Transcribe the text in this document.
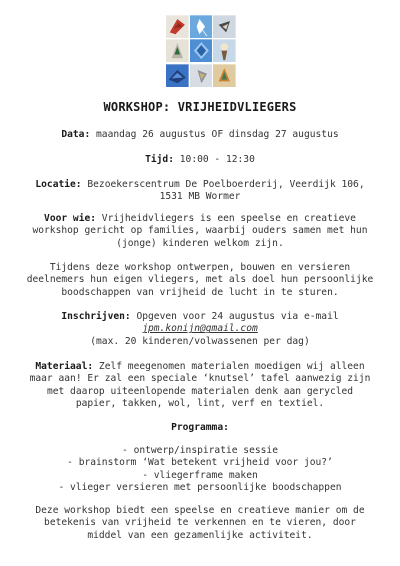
WORKSHOP: VRIJHEIDVLIEGERS
Data: maandag 26 augustus OF dinsdag 27 augustus
Tijd: 10:00 - 12:30
Locatie: Bezoekerscentrum De Poelboerderij, Veerdijk 106,
1531 MB Wormer
Voor wie: Vrijheidvliegers is een speelse en creatieve
workshop gericht op families, waarbij ouders samen met hun
(jonge) kinderen welkom zijn.
Tijdens deze workshop ontwerpen, bouwen en versieren
deelnemers hun eigen vliegers, met als doel hun persoonlijke
boodschappen van vrijheid de lucht in te sturen.
Inschrijven: Opgeven voor 24 augustus via e-mail
jpm.konijn@gmail.com
(max. 20 kinderen/volwassenen per dag)
Materiaal: Zelf meegenomen materialen moedigen wij alleen
maar aan! Er zal een speciale ‘knutsel’ tafel aanwezig zijn
met daarop uiteenlopende materialen denk aan gerycled
papier, takken, wol, lint, verf en textiel.
Programma:
- ontwerp/inspiratie sessie
- brainstorm ‘Wat betekent vrijheid voor jou?’
- vliegerframe maken
- vlieger versieren met persoonlijke boodschappen
Deze workshop biedt een speelse en creatieve manier om de
betekenis van vrijheid te verkennen en te vieren, door
middel van een gezamenlijke activiteit.
